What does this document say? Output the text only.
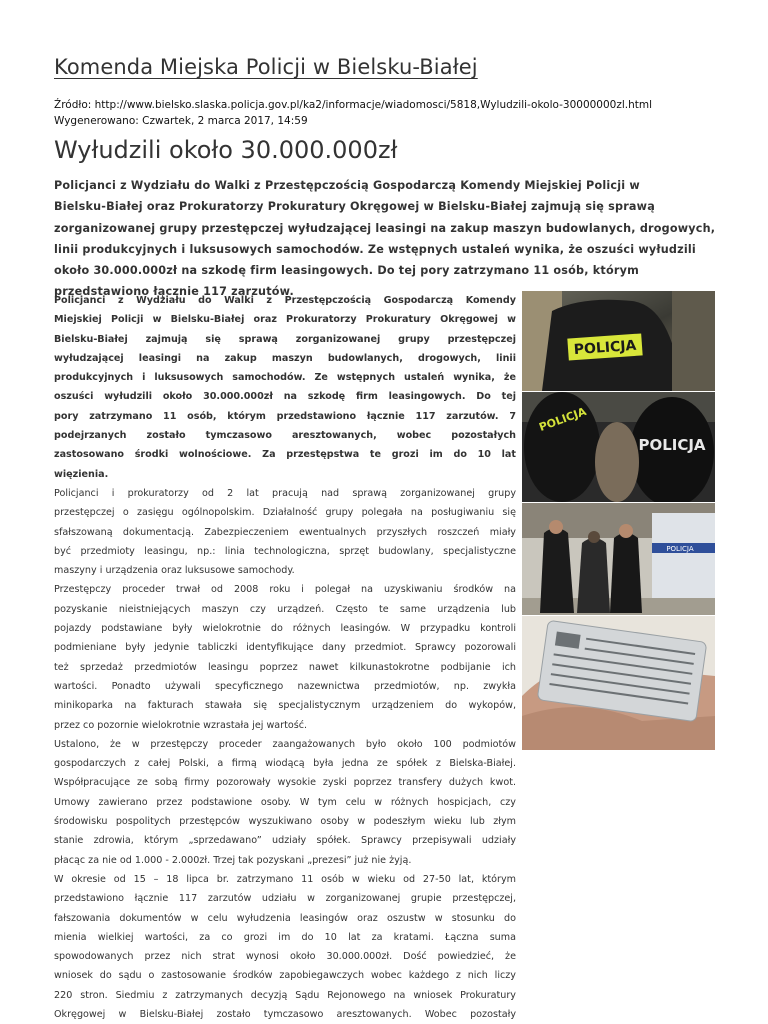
Komenda Miejska Policji w Bielsku-Białej
Źródło: http://www.bielsko.slaska.policja.gov.pl/ka2/informacje/wiadomosci/5818,Wyludzili-okolo-30000000zl.html
Wygenerowano: Czwartek, 2 marca 2017, 14:59
Wyłudzili około 30.000.000zł
Policjanci z Wydziału do Walki z Przestępczością Gospodarczą Komendy Miejskiej Policji w
Bielsku-Białej oraz Prokuratorzy Prokuratury Okręgowej w Bielsku-Białej zajmują się sprawą
zorganizowanej grupy przestępczej wyłudzającej leasingi na zakup maszyn budowlanych, drogowych,
linii produkcyjnych i luksusowych samochodów. Ze wstępnych ustaleń wynika, że oszuści wyłudzili
około 30.000.000zł na szkodę firm leasingowych. Do tej pory zatrzymano 11 osób, którym
przedstawiono łącznie 117 zarzutów.
Policjanci z Wydziału do Walki z Przestępczością Gospodarczą Komendy
Miejskiej Policji w Bielsku-Białej oraz Prokuratorzy Prokuratury Okręgowej w
Bielsku-Białej zajmują się sprawą zorganizowanej grupy przestępczej
wyłudzającej leasingi na zakup maszyn budowlanych, drogowych, linii
produkcyjnych i luksusowych samochodów. Ze wstępnych ustaleń wynika, że
oszuści wyłudzili około 30.000.000zł na szkodę firm leasingowych. Do tej
pory zatrzymano 11 osób, którym przedstawiono łącznie 117 zarzutów. 7
podejrzanych zostało tymczasowo aresztowanych, wobec pozostałych
zastosowano środki wolnościowe. Za przestępstwa te grozi im do 10 lat
więzienia.
Policjanci i prokuratorzy od 2 lat pracują nad sprawą zorganizowanej grupy
przestępczej o zasięgu ogólnopolskim. Działalność grupy polegała na posługiwaniu się
sfałszowaną dokumentacją. Zabezpieczeniem ewentualnych przyszłych roszczeń miały
być przedmioty leasingu, np.: linia technologiczna, sprzęt budowlany, specjalistyczne
maszyny i urządzenia oraz luksusowe samochody.
Przestępczy proceder trwał od 2008 roku i polegał na uzyskiwaniu środków na
pozyskanie nieistniejących maszyn czy urządzeń. Często te same urządzenia lub
pojazdy podstawiane były wielokrotnie do różnych leasingów. W przypadku kontroli
podmieniane były jedynie tabliczki identyfikujące dany przedmiot. Sprawcy pozorowali
też sprzedaż przedmiotów leasingu poprzez nawet kilkunastokrotne podbijanie ich
wartości. Ponadto używali specyficznego nazewnictwa przedmiotów, np. zwykła
minikoparka na fakturach stawała się specjalistycznym urządzeniem do wykopów,
przez co pozornie wielokrotnie wzrastała jej wartość.
Ustalono, że w przestępczy proceder zaangażowanych było około 100 podmiotów
gospodarczych z całej Polski, a firmą wiodącą była jedna ze spółek z Bielska-Białej.
Współpracujące ze sobą firmy pozorowały wysokie zyski poprzez transfery dużych kwot.
Umowy zawierano przez podstawione osoby. W tym celu w różnych hospicjach, czy
środowisku pospolitych przestępców wyszukiwano osoby w podeszłym wieku lub złym
stanie zdrowia, którym „sprzedawano” udziały spółek. Sprawcy przepisywali udziały
płacąc za nie od 1.000 - 2.000zł. Trzej tak pozyskani „prezesi” już nie żyją.
W okresie od 15 – 18 lipca br. zatrzymano 11 osób w wieku od 27-50 lat, którym
przedstawiono łącznie 117 zarzutów udziału w zorganizowanej grupie przestępczej,
fałszowania dokumentów w celu wyłudzenia leasingów oraz oszustw w stosunku do
mienia wielkiej wartości, za co grozi im do 10 lat za kratami. Łączna suma
spowodowanych przez nich strat wynosi około 30.000.000zł. Dość powiedzieć, że
wniosek do sądu o zastosowanie środków zapobiegawczych wobec każdego z nich liczy
220 stron. Siedmiu z zatrzymanych decyzją Sądu Rejonowego na wniosek Prokuratury
Okręgowej w Bielsku-Białej zostało tymczasowo aresztowanych. Wobec pozostały
POLICJA
POLICJA
POLICJA
POLICJA
